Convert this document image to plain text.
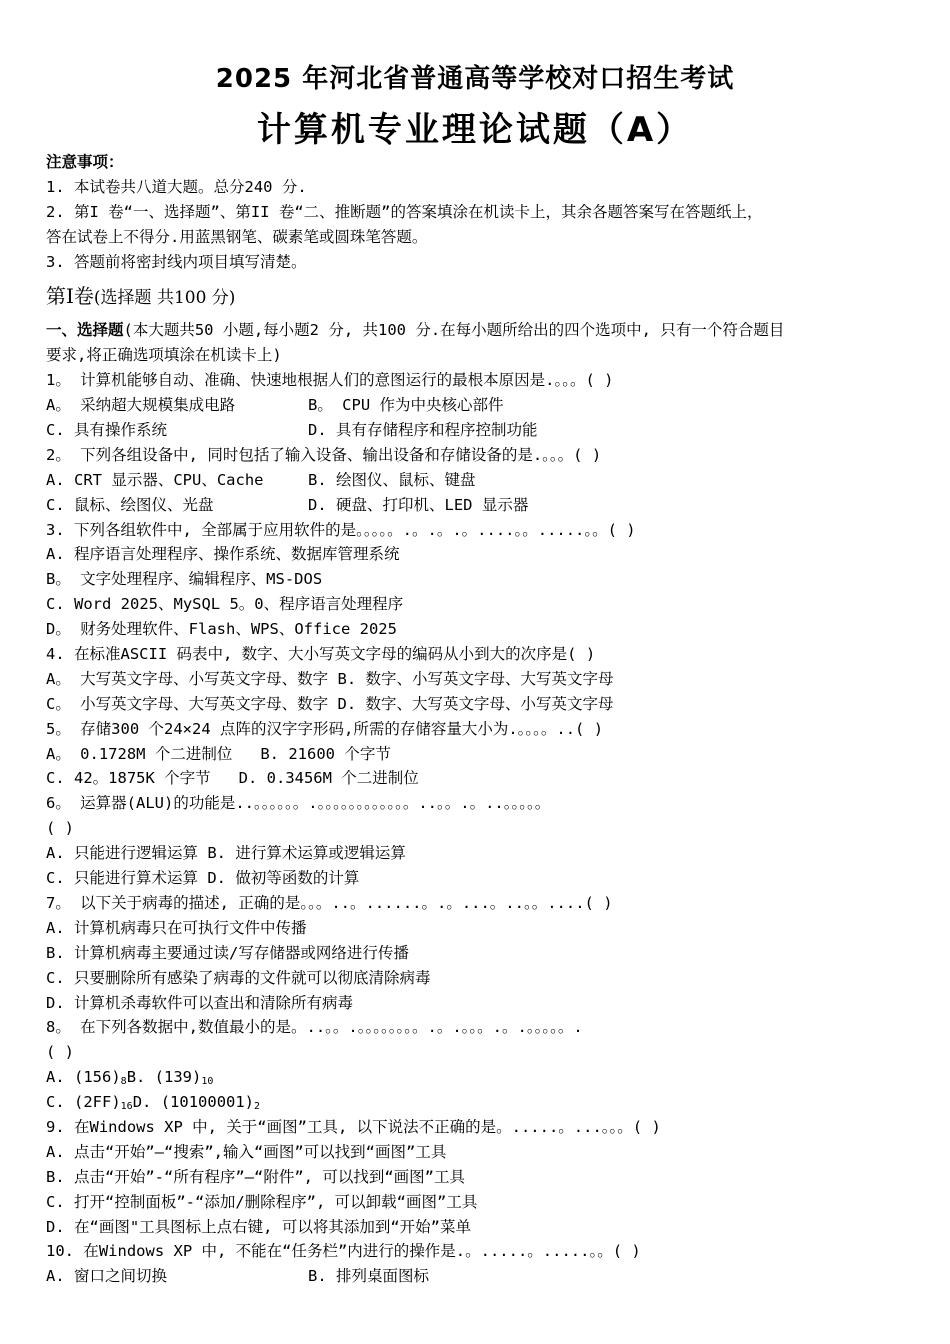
2025 年河北省普通高等学校对口招生考试
计算机专业理论试题（A）
注意事项：
1. 本试卷共八道大题。总分240 分.
2. 第I 卷“一、选择题”、第II 卷“二、推断题”的答案填涂在机读卡上，其余各题答案写在答题纸上，
答在试卷上不得分.用蓝黑钢笔、碳素笔或圆珠笔答题。
3. 答题前将密封线内项目填写清楚。
第Ⅰ卷(选择题 共100 分)
一、选择题(本大题共50 小题,每小题2 分, 共100 分.在每小题所给出的四个选项中, 只有一个符合题目
要求,将正确选项填涂在机读卡上)
1。 计算机能够自动、准确、快速地根据人们的意图运行的最根本原因是.。。。( )
A。 采纳超大规模集成电路	B。 CPU 作为中央核心部件
C. 具有操作系统	D. 具有存储程序和程序控制功能
2。 下列各组设备中, 同时包括了输入设备、输出设备和存储设备的是.。。。( )
A. CRT 显示器、CPU、Cache	B. 绘图仪、鼠标、键盘
C. 鼠标、绘图仪、光盘	D. 硬盘、打印机、LED 显示器
3. 下列各组软件中, 全部属于应用软件的是。。。。。.。.。.。....。。.....。。( )
A. 程序语言处理程序、操作系统、数据库管理系统
B。 文字处理程序、编辑程序、MS-DOS
C. Word 2025、MySQL 5。0、程序语言处理程序
D。 财务处理软件、Flash、WPS、Office 2025
4. 在标准ASCII 码表中, 数字、大小写英文字母的编码从小到大的次序是( )
A。 大写英文字母、小写英文字母、数字 B. 数字、小写英文字母、大写英文字母
C。 小写英文字母、大写英文字母、数字 D. 数字、大写英文字母、小写英文字母
5。 存储300 个24×24 点阵的汉字字形码,所需的存储容量大小为.。。。。..( )
A。 0.1728M 个二进制位 B. 21600 个字节
C. 42。1875K 个字节 D. 0.3456M 个二进制位
6。 运算器(ALU)的功能是..。。。。。。.。。。。。。。。。。。。..。。.。..。。。。。
( )
A. 只能进行逻辑运算 B. 进行算术运算或逻辑运算
C. 只能进行算术运算 D. 做初等函数的计算
7。 以下关于病毒的描述, 正确的是。。。..。......。.。...。..。。....( )
A. 计算机病毒只在可执行文件中传播
B. 计算机病毒主要通过读/写存储器或网络进行传播
C. 只要删除所有感染了病毒的文件就可以彻底清除病毒
D. 计算机杀毒软件可以查出和清除所有病毒
8。 在下列各数据中,数值最小的是。..。。.。。。。。。。。.。.。。。.。.。。。。。.
( )
A. $(156)_8B$. $(139)_{10}$
C. $(2FF)_{16}D$. $(10100001)_2$
9. 在Windows XP 中, 关于“画图”工具, 以下说法不正确的是。.....。...。。。( )
A. 点击“开始”—“搜索”,输入“画图”可以找到“画图”工具
B. 点击“开始”-“所有程序”—“附件”, 可以找到“画图”工具
C. 打开“控制面板”-“添加/删除程序”, 可以卸载“画图”工具
D. 在“画图"工具图标上点右键, 可以将其添加到“开始”菜单
10. 在Windows XP 中, 不能在“任务栏”内进行的操作是.。.....。.....。。( )
A. 窗口之间切换	B. 排列桌面图标
